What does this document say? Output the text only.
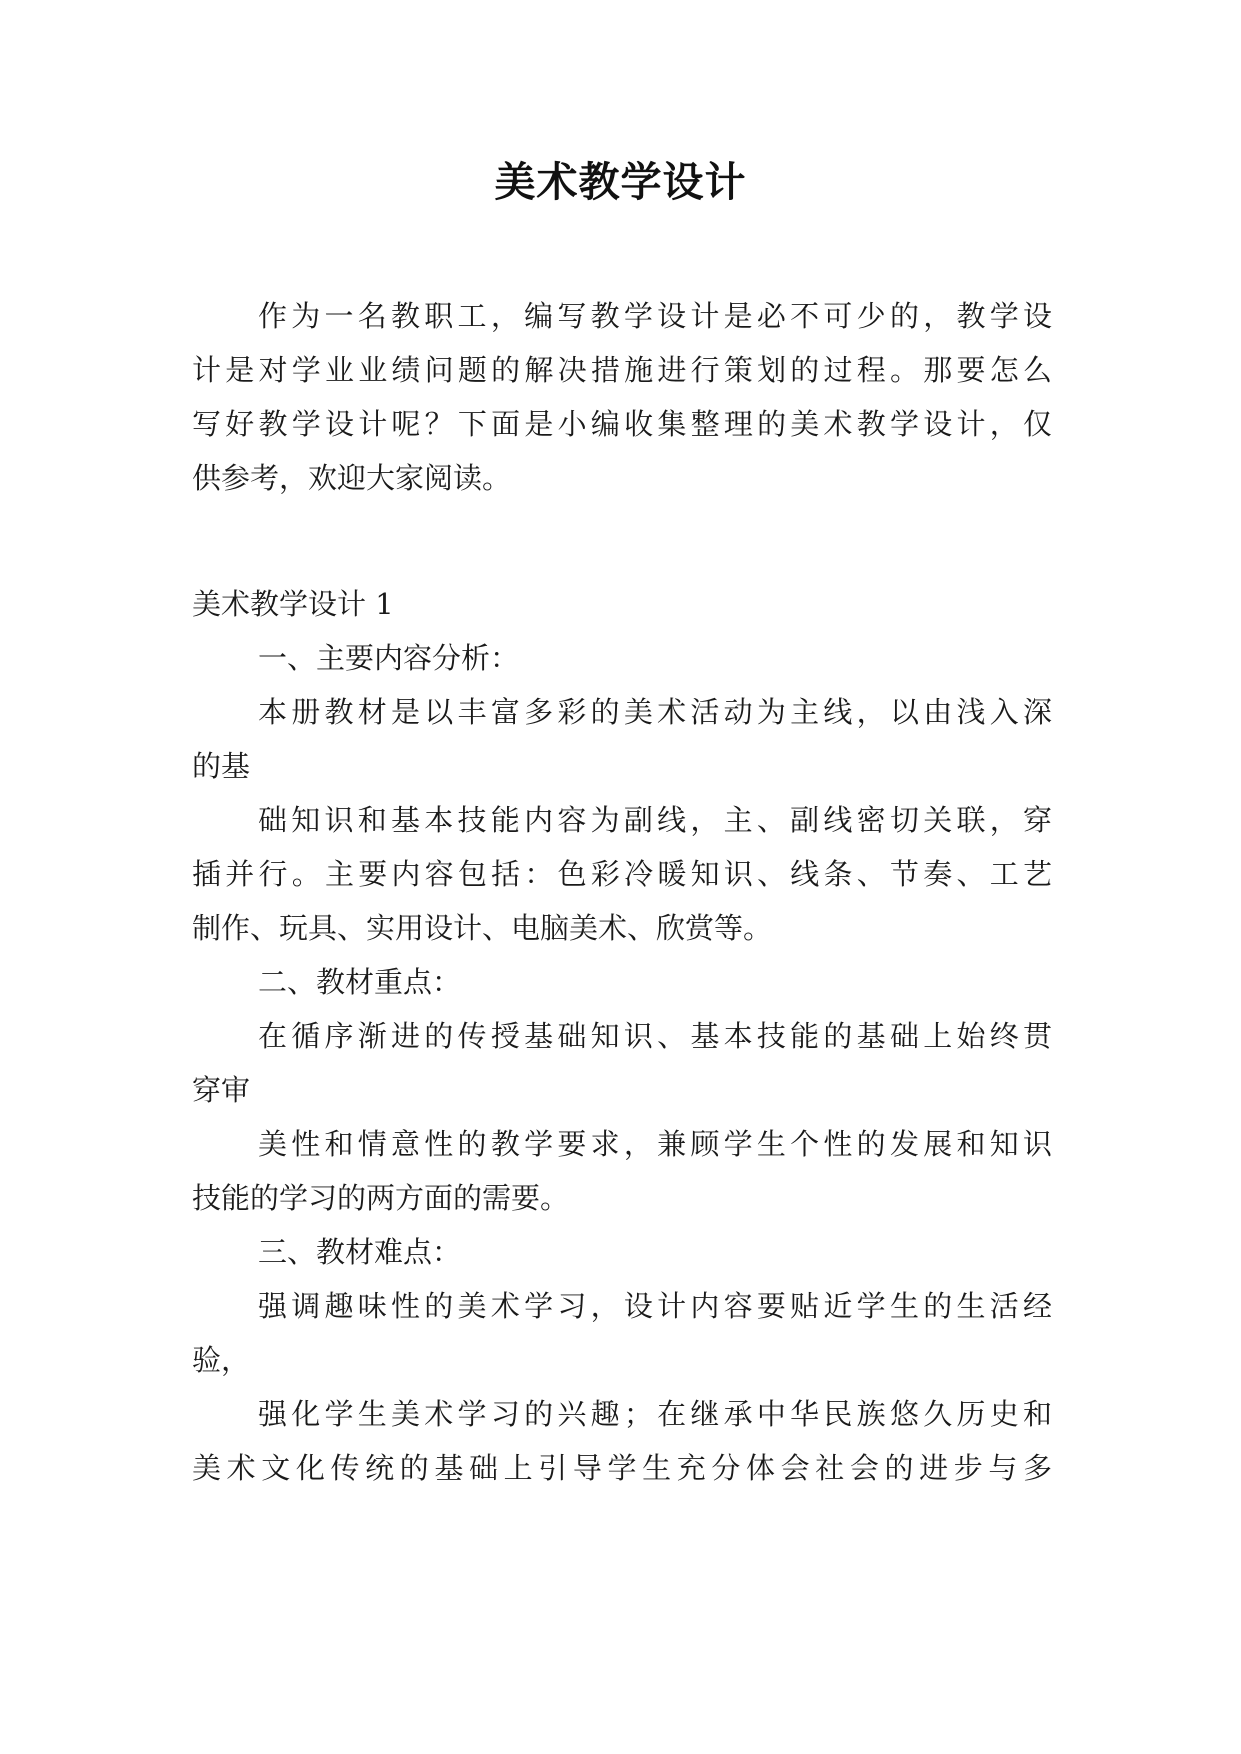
美术教学设计
作为一名教职工，编写教学设计是必不可少的，教学设
计是对学业业绩问题的解决措施进行策划的过程。那要怎么
写好教学设计呢？下面是小编收集整理的美术教学设计，仅
供参考，欢迎大家阅读。
美术教学设计 1
一、主要内容分析：
本册教材是以丰富多彩的美术活动为主线，以由浅入深
的基
础知识和基本技能内容为副线，主、副线密切关联，穿
插并行。主要内容包括：色彩冷暖知识、线条、节奏、工艺
制作、玩具、实用设计、电脑美术、欣赏等。
二、教材重点：
在循序渐进的传授基础知识、基本技能的基础上始终贯
穿审
美性和情意性的教学要求，兼顾学生个性的发展和知识
技能的学习的两方面的需要。
三、教材难点：
强调趣味性的美术学习，设计内容要贴近学生的生活经
验，
强化学生美术学习的兴趣；在继承中华民族悠久历史和
美术文化传统的基础上引导学生充分体会社会的进步与多
